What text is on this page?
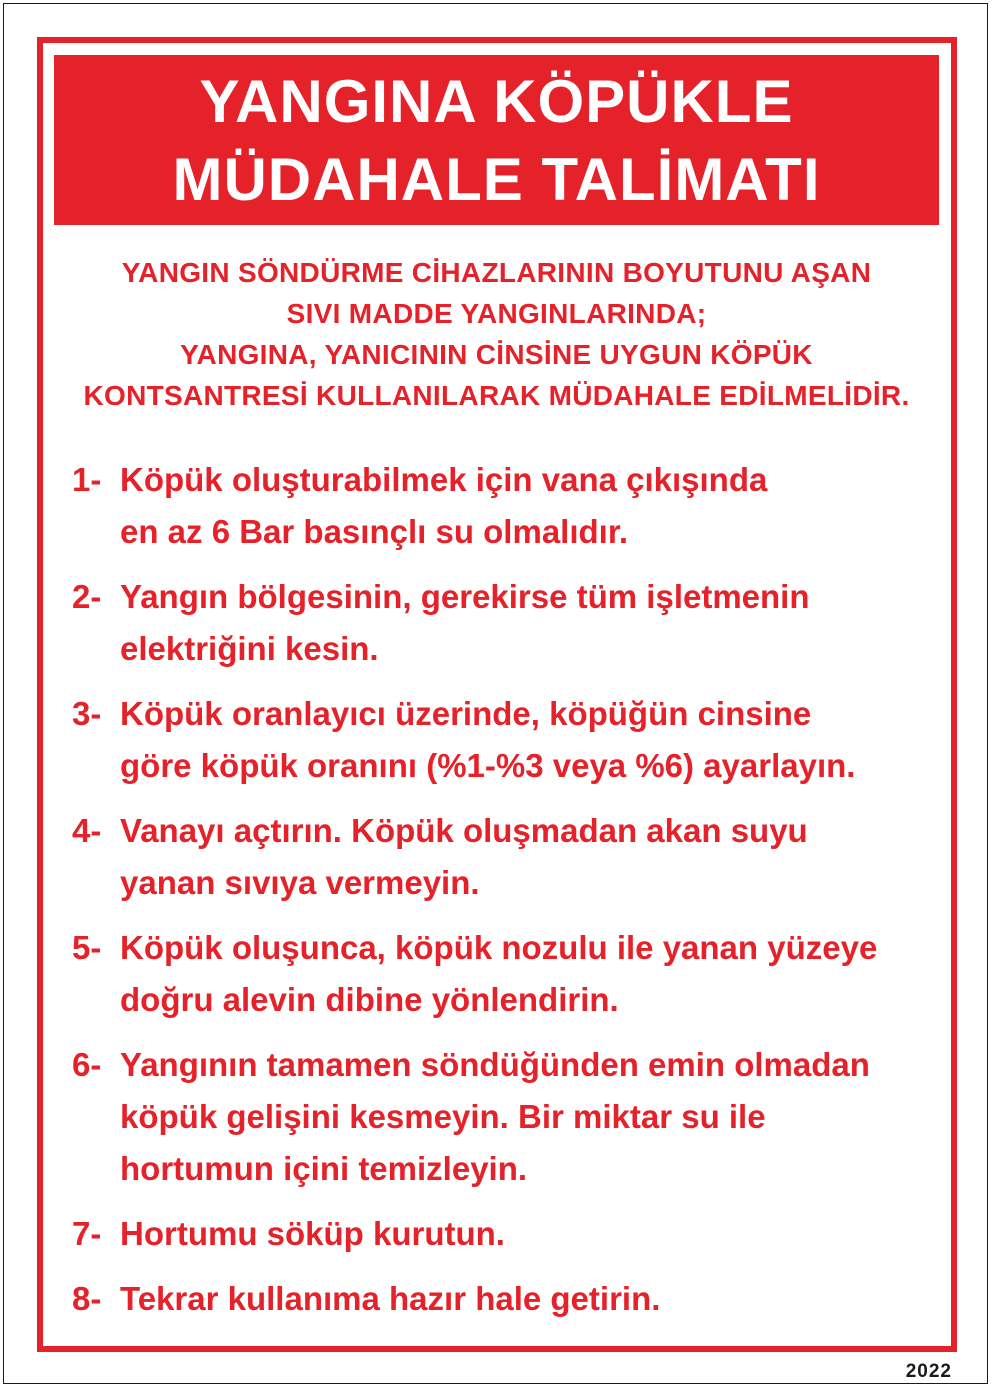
YANGINA KÖPÜKLE
MÜDAHALE TALİMATI
YANGIN SÖNDÜRME CİHAZLARININ BOYUTUNU AŞAN
SIVI MADDE YANGINLARINDA;
YANGINA, YANICININ CİNSİNE UYGUN KÖPÜK
KONTSANTRESİ KULLANILARAK MÜDAHALE EDİLMELİDİR.
1- Köpük oluşturabilmek için vana çıkışında
en az 6 Bar basınçlı su olmalıdır.
2- Yangın bölgesinin, gerekirse tüm işletmenin
elektriğini kesin.
3- Köpük oranlayıcı üzerinde, köpüğün cinsine
göre köpük oranını (%1-%3 veya %6) ayarlayın.
4- Vanayı açtırın. Köpük oluşmadan akan suyu
yanan sıvıya vermeyin.
5- Köpük oluşunca, köpük nozulu ile yanan yüzeye
doğru alevin dibine yönlendirin.
6- Yangının tamamen söndüğünden emin olmadan
köpük gelişini kesmeyin. Bir miktar su ile
hortumun içini temizleyin.
7- Hortumu söküp kurutun.
8- Tekrar kullanıma hazır hale getirin.
2022
